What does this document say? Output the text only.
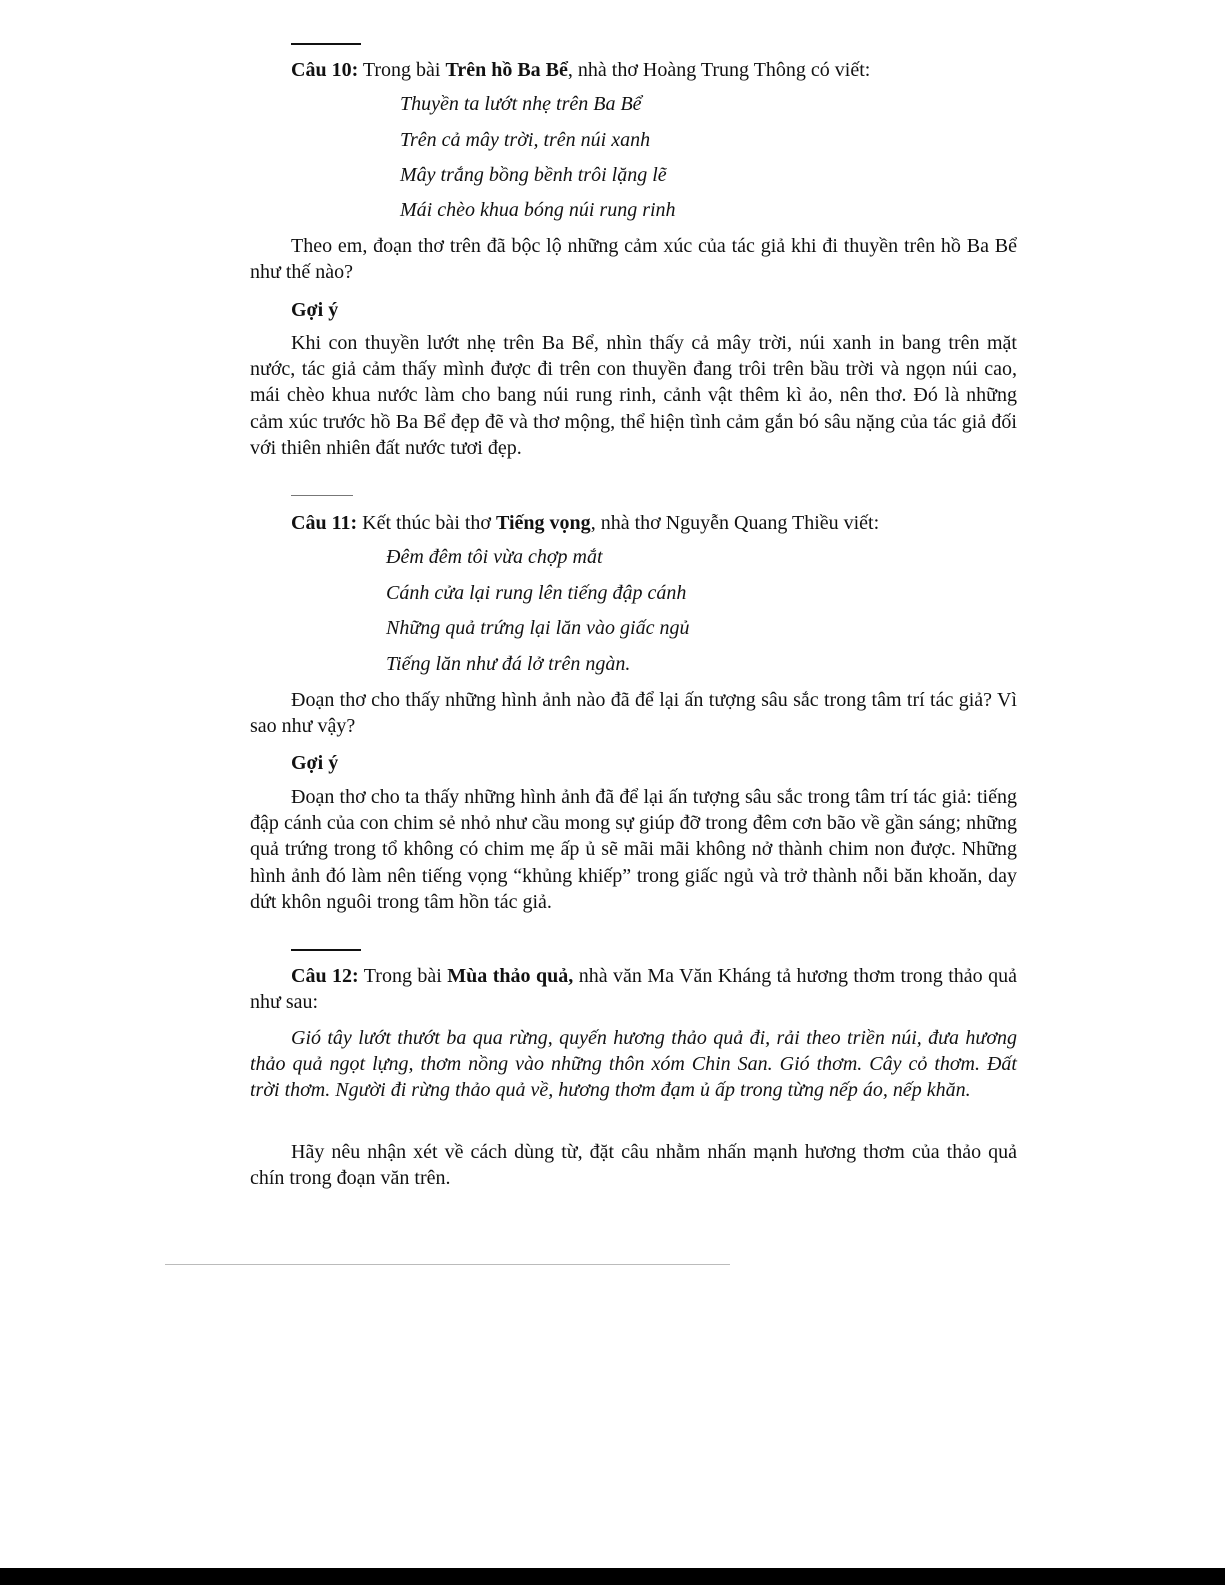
Câu 10: Trong bài Trên hồ Ba Bể, nhà thơ Hoàng Trung Thông có viết:
Thuyền ta lướt nhẹ trên Ba Bể
Trên cả mây trời, trên núi xanh
Mây trắng bồng bềnh trôi lặng lẽ
Mái chèo khua bóng núi rung rinh

Theo em, đoạn thơ trên đã bộc lộ những cảm xúc của tác giả khi đi thuyền trên hồ Ba Bể như thế nào?

Gợi ý

Khi con thuyền lướt nhẹ trên Ba Bể, nhìn thấy cả mây trời, núi xanh in bang trên mặt nước, tác giả cảm thấy mình được đi trên con thuyền đang trôi trên bầu trời và ngọn núi cao, mái chèo khua nước làm cho bang núi rung rinh, cảnh vật thêm kì ảo, nên thơ. Đó là những cảm xúc trước hồ Ba Bể đẹp đẽ và thơ mộng, thể hiện tình cảm gắn bó sâu nặng của tác giả đối với thiên nhiên đất nước tươi đẹp.

Câu 11: Kết thúc bài thơ Tiếng vọng, nhà thơ Nguyễn Quang Thiều viết:
Đêm đêm tôi vừa chợp mắt
Cánh cửa lại rung lên tiếng đập cánh
Những quả trứng lại lăn vào giấc ngủ
Tiếng lăn như đá lở trên ngàn.

Đoạn thơ cho thấy những hình ảnh nào đã để lại ấn tượng sâu sắc trong tâm trí tác giả? Vì sao như vậy?

Gợi ý

Đoạn thơ cho ta thấy những hình ảnh đã để lại ấn tượng sâu sắc trong tâm trí tác giả: tiếng đập cánh của con chim sẻ nhỏ như cầu mong sự giúp đỡ trong đêm cơn bão về gần sáng; những quả trứng trong tổ không có chim mẹ ấp ủ sẽ mãi mãi không nở thành chim non được. Những hình ảnh đó làm nên tiếng vọng “khủng khiếp” trong giấc ngủ và trở thành nỗi băn khoăn, day dứt khôn nguôi trong tâm hồn tác giả.

Câu 12: Trong bài Mùa thảo quả, nhà văn Ma Văn Kháng tả hương thơm trong thảo quả như sau:

Gió tây lướt thướt ba qua rừng, quyến hương thảo quả đi, rải theo triền núi, đưa hương thảo quả ngọt lựng, thơm nồng vào những thôn xóm Chin San. Gió thơm. Cây cỏ thơm. Đất trời thơm. Người đi rừng thảo quả về, hương thơm đạm ủ ấp trong từng nếp áo, nếp khăn.

Hãy nêu nhận xét về cách dùng từ, đặt câu nhằm nhấn mạnh hương thơm của thảo quả chín trong đoạn văn trên.
